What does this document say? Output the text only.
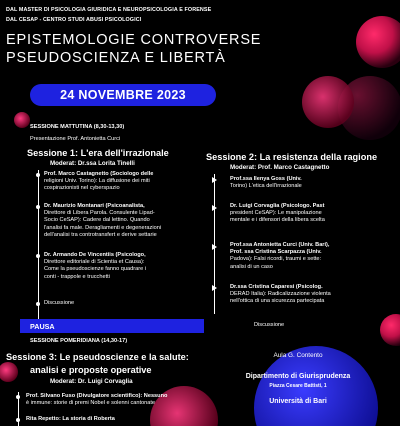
DAL MASTER DI PSICOLOGIA GIURIDICA E NEUROPSICOLOGIA E FORENSE
DAL CESAP - CENTRO STUDI ABUSI PSICOLOGICI
EPISTEMOLOGIE CONTROVERSE
PSEUDOSCIENZA E LIBERTÀ
24 NOVEMBRE 2023
SESSIONE MATTUTINA (8,30-13,30)
Presentazione Prof. Antonietta Curci
Sessione 1: L'era dell'irrazionale
Moderat: Dr.ssa Lorita Tinelli
Prof. Marco Castagnetto (Sociologo delle
religioni Univ. Torino): La diffusione dei miti
cospirazionisti nel cyberspazio
Dr. Maurizio Montanari (Psicoanalista,
Direttore di Libera Parola. Consulente Lipad-
Socio CeSAP): Cadere dal lettino. Quando
l'analisi fa male. Deragliamenti e degenerazioni
dell'analisi tra controtransfert e derive settarie
Dr. Armando De Vincentiis (Psicologo,
Direttore editoriale di Scientia et Causa):
Come la pseudoscienze fanno quadrare i
conti - trappole e trucchetti
Discussione
PAUSA
SESSIONE POMERIDIANA (14,30-17)
Sessione 3: Le pseudoscienze e la salute:
analisi e proposte operative
Moderat: Dr. Luigi Corvaglia
Prof. Silvano Fuso (Divulgatore scientifico): Nessuno
è immune: storie di premi Nobel e solenni cantonate
Rita Repetto: La storia di Roberta
Sessione 2: La resistenza della ragione
Moderat: Prof. Marco Castagnetto
Prof.ssa Ilenya Goss (Univ.
Torino) L'etica dell'irrazionale
Dr. Luigi Corvaglia (Psicologo. Past
president CeSAP): Le manipolazione
mentale e i difensori della libera scelta
Prof.ssa Antonietta Curci (Univ. Bari),
Prof. ssa Cristina Scarpazza (Univ.
Padova): Falsi ricordi, traumi e sette:
analisi di un caso
Dr.ssa Cristina Caparesi (Psicolog.
DERAD Italia): Radicalizzazione violenta
nell'ottica di una sicurezza partecipata
Discussione
Aula G. Contento
Dipartimento di Giurisprudenza
Piazza Cesare Battisti, 1
Università di Bari
